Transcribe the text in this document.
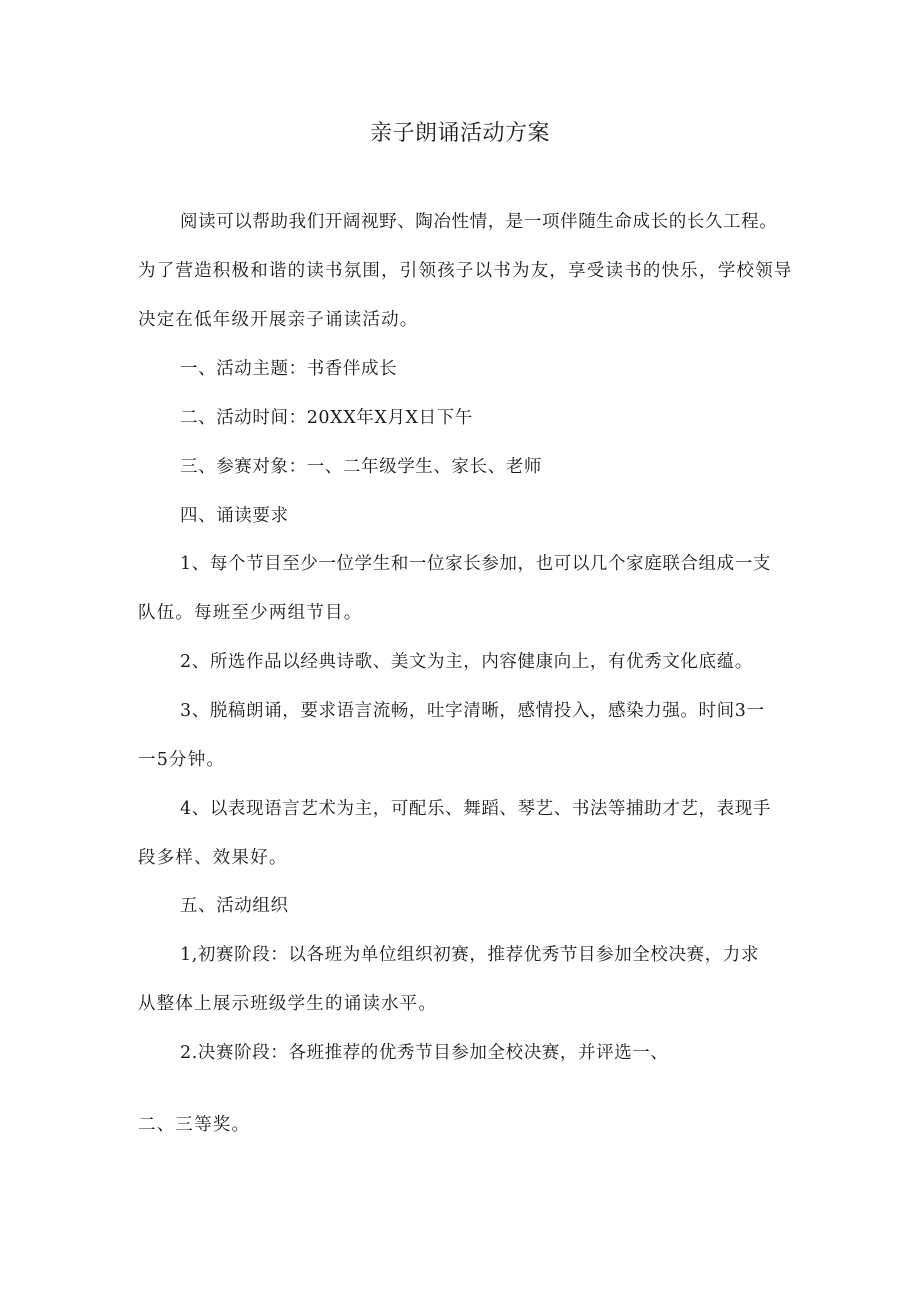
亲子朗诵活动方案

阅读可以帮助我们开阔视野、陶冶性情，是一项伴随生命成长的长久工程。

为了营造积极和谐的读书氛围，引领孩子以书为友，享受读书的快乐，学校领导

决定在低年级开展亲子诵读活动。

一、活动主题：书香伴成长

二、活动时间：20XX年X月X日下午

三、参赛对象：一、二年级学生、家长、老师

四、诵读要求

1、每个节目至少一位学生和一位家长参加，也可以几个家庭联合组成一支

队伍。每班至少两组节目。

2、所选作品以经典诗歌、美文为主，内容健康向上，有优秀文化底蕴。

3、脱稿朗诵，要求语言流畅，吐字清晰，感情投入，感染力强。时间3一

一5分钟。

4、以表现语言艺术为主，可配乐、舞蹈、琴艺、书法等捕助才艺，表现手

段多样、效果好。

五、活动组织

1,初赛阶段：以各班为单位组织初赛，推荐优秀节目参加全校决赛，力求

从整体上展示班级学生的诵读水平。

2.决赛阶段：各班推荐的优秀节目参加全校决赛，并评选一、

二、三等奖。
